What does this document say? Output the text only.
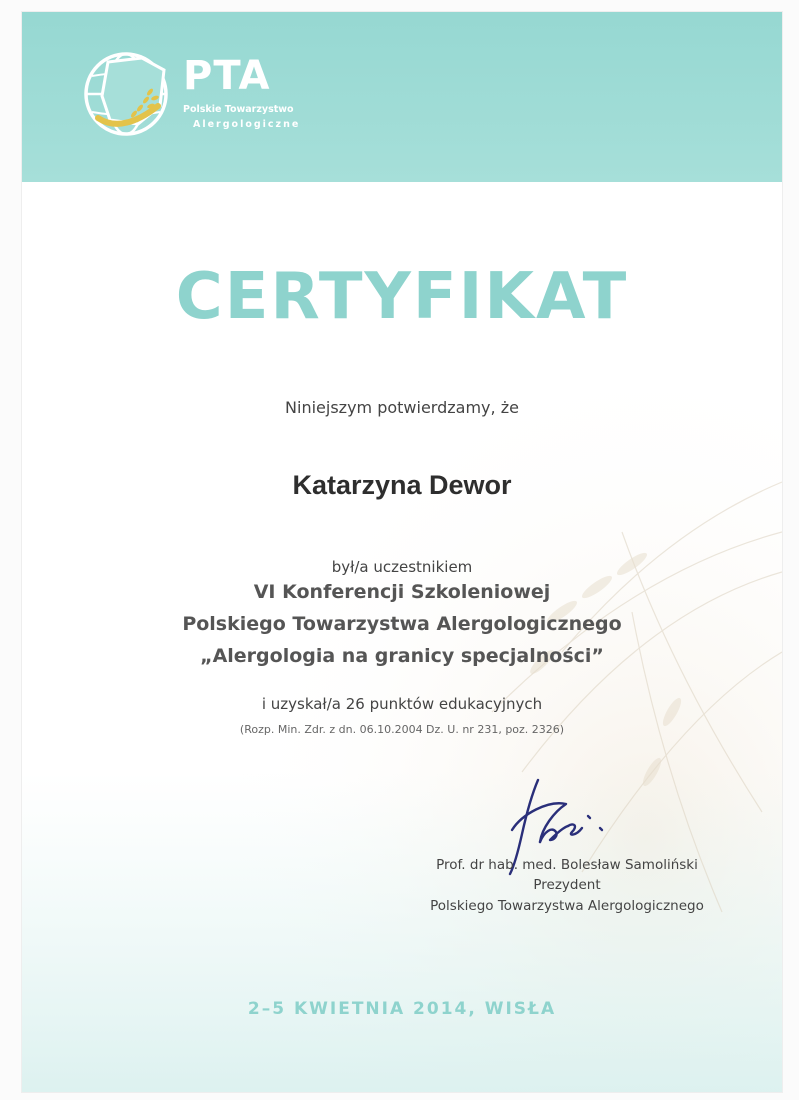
PTA
Polskie Towarzystwo
Alergologiczne
CERTYFIKAT
Niniejszym potwierdzamy, że
Katarzyna Dewor
był/a uczestnikiem
VI Konferencji Szkoleniowej
Polskiego Towarzystwa Alergologicznego
„Alergologia na granicy specjalności”
i uzyskał/a 26 punktów edukacyjnych
(Rozp. Min. Zdr. z dn. 06.10.2004 Dz. U. nr 231, poz. 2326)
Prof. dr hab. med. Bolesław Samoliński
Prezydent
Polskiego Towarzystwa Alergologicznego
2–5 KWIETNIA 2014, WISŁA
